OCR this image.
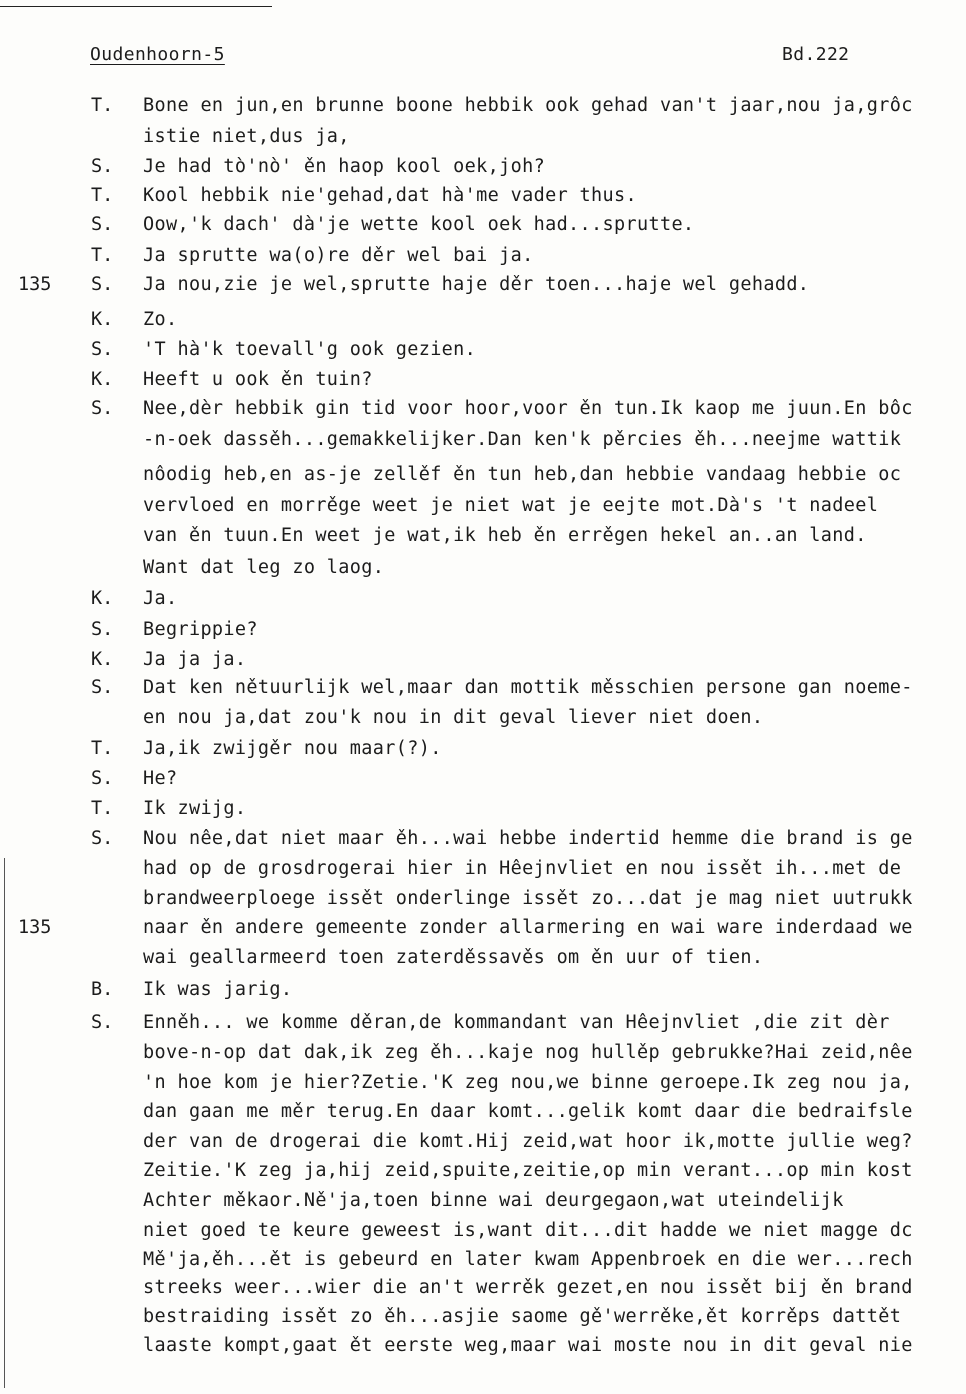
Oudenhoorn-5	Bd.222
T. Bone en jun,en brunne boone hebbik ook gehad van't jaar,nou ja,grôc
istie niet,dus ja,
S. Je had tò'nò' ěn haop kool oek,joh?
T. Kool hebbik nie'gehad,dat hà'me vader thus.
S. Oow,'k dach' dà'je wette kool oek had...sprutte.
T. Ja sprutte wa(o)re děr wel bai ja.
135 S. Ja nou,zie je wel,sprutte haje děr toen...haje wel gehadd.
K. Zo.
S. 'T hà'k toevall'g ook gezien.
K. Heeft u ook ěn tuin?
S. Nee,dèr hebbik gin tid voor hoor,voor ěn tun.Ik kaop me juun.En bôc
-n-oek dassěh...gemakkelijker.Dan ken'k pěrcies ěh...neejme wattik
nôodig heb,en as-je zellěf ěn tun heb,dan hebbie vandaag hebbie oc
vervloed en morrěge weet je niet wat je eejte mot.Dà's 't nadeel
van ěn tuun.En weet je wat,ik heb ěn errěgen hekel an..an land.
Want dat leg zo laog.
K. Ja.
S. Begrippie?
K. Ja ja ja.
S. Dat ken nětuurlijk wel,maar dan mottik měsschien persone gan noeme-
en nou ja,dat zou'k nou in dit geval liever niet doen.
T. Ja,ik zwijgěr nou maar(?).
S. He?
T. Ik zwijg.
S. Nou nêe,dat niet maar ěh...wai hebbe indertid hemme die brand is ge
had op de grosdrogerai hier in Hêejnvliet en nou issět ih...met de
brandweerploege issět onderlinge issět zo...dat je mag niet uutrukk
135	naar ěn andere gemeente zonder allarmering en wai ware inderdaad we
wai geallarmeerd toen zaterděssavěs om ěn uur of tien.
B. Ik was jarig.
S. Enněh... we komme děran,de kommandant van Hêejnvliet ,die zit dèr
bove-n-op dat dak,ik zeg ěh...kaje nog hullěp gebrukke?Hai zeid,nêe
'n hoe kom je hier?Zetie.'K zeg nou,we binne geroepe.Ik zeg nou ja,
dan gaan me měr terug.En daar komt...gelik komt daar die bedraifsle
der van de drogerai die komt.Hij zeid,wat hoor ik,motte jullie weg?
Zeitie.'K zeg ja,hij zeid,spuite,zeitie,op min verant...op min kost
Achter měkaor.Ně'ja,toen binne wai deurgegaon,wat uteindelijk
niet goed te keure geweest is,want dit...dit hadde we niet magge dc
Mě'ja,ěh...ět is gebeurd en later kwam Appenbroek en die wer...rech
streeks weer...wier die an't werrěk gezet,en nou issět bij ěn brand
bestraiding issět zo ěh...asjie saome gě'werrěke,ět korrěps dattět
laaste kompt,gaat ět eerste weg,maar wai moste nou in dit geval nie
